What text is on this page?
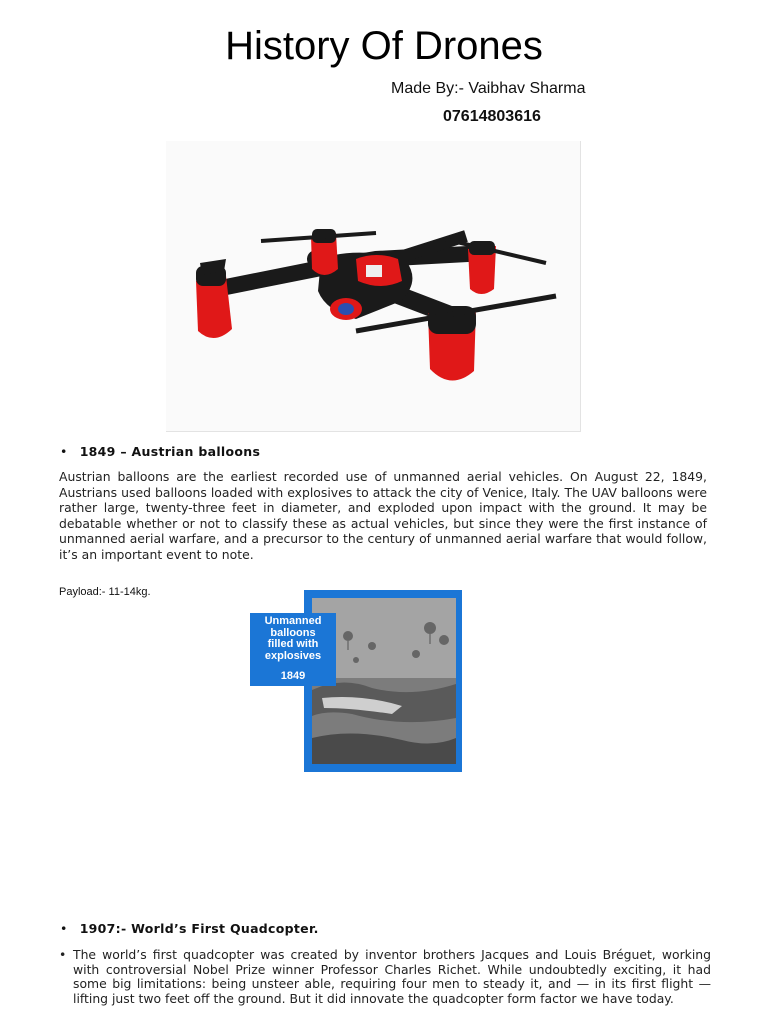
History Of Drones
Made By:- Vaibhav Sharma
07614803616
• 1849 – Austrian balloons

Austrian balloons are the earliest recorded use of unmanned aerial vehicles. On August 22, 1849, Austrians used balloons loaded with explosives to attack the city of Venice, Italy. The UAV balloons were rather large, twenty-three feet in diameter, and exploded upon impact with the ground. It may be debatable whether or not to classify these as actual vehicles, but since they were the first instance of unmanned aerial warfare, and a precursor to the century of unmanned aerial warfare that would follow, it’s an important event to note.

Payload:- 11-14kg.
Unmanned
balloons
filled with
explosives
1849
• 1907:- World’s First Quadcopter.

• The world’s first quadcopter was created by inventor brothers Jacques and Louis Bréguet, working with controversial Nobel Prize winner Professor Charles Richet. While undoubtedly exciting, it had some big limitations: being unsteer able, requiring four men to steady it, and — in its first flight — lifting just two feet off the ground. But it did innovate the quadcopter form factor we have today.
